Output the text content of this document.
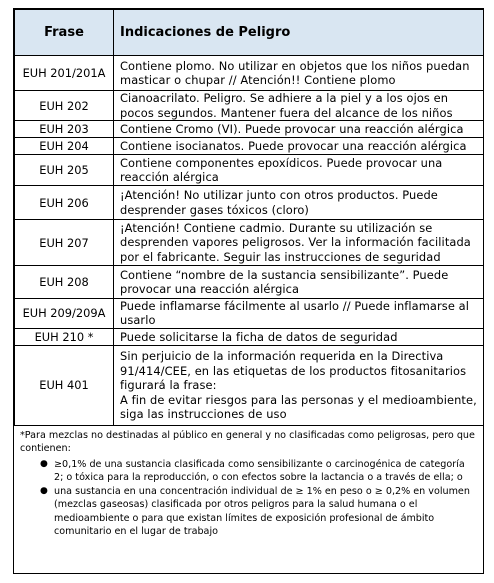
Frase	Indicaciones de Peligro
EUH 201/201A	Contiene plomo. No utilizar en objetos que los niños puedan masticar o chupar // Atención!! Contiene plomo

EUH 202	Cianoacrilato. Peligro. Se adhiere a la piel y a los ojos en pocos segundos. Mantener fuera del alcance de los niños

EUH 203	Contiene Cromo (VI). Puede provocar una reacción alérgica

EUH 204	Contiene isocianatos. Puede provocar una reacción alérgica

EUH 205	Contiene componentes epoxídicos. Puede provocar una reacción alérgica

EUH 206	¡Atención! No utilizar junto con otros productos. Puede desprender gases tóxicos (cloro)

EUH 207	¡Atención! Contiene cadmio. Durante su utilización se desprenden vapores peligrosos. Ver la información facilitada por el fabricante. Seguir las instrucciones de seguridad

EUH 208	Contiene “nombre de la sustancia sensibilizante”. Puede provocar una reacción alérgica

EUH 209/209A	Puede inflamarse fácilmente al usarlo // Puede inflamarse al usarlo

EUH 210 *	Puede solicitarse la ficha de datos de seguridad

EUH 401	Sin perjuicio de la información requerida en la Directiva 91/414/CEE, en las etiquetas de los productos fitosanitarios figurará la frase:
A fin de evitar riesgos para las personas y el medioambiente, siga las instrucciones de uso
*Para mezclas no destinadas al público en general y no clasificadas como peligrosas, pero que contienen:
● ≥0,1% de una sustancia clasificada como sensibilizante o carcinogénica de categoría 2; o tóxica para la reproducción, o con efectos sobre la lactancia o a través de ella; o
● una sustancia en una concentración individual de ≥ 1% en peso o ≥ 0,2% en volumen (mezclas gaseosas) clasificada por otros peligros para la salud humana o el medioambiente o para que existan límites de exposición profesional de ámbito comunitario en el lugar de trabajo
